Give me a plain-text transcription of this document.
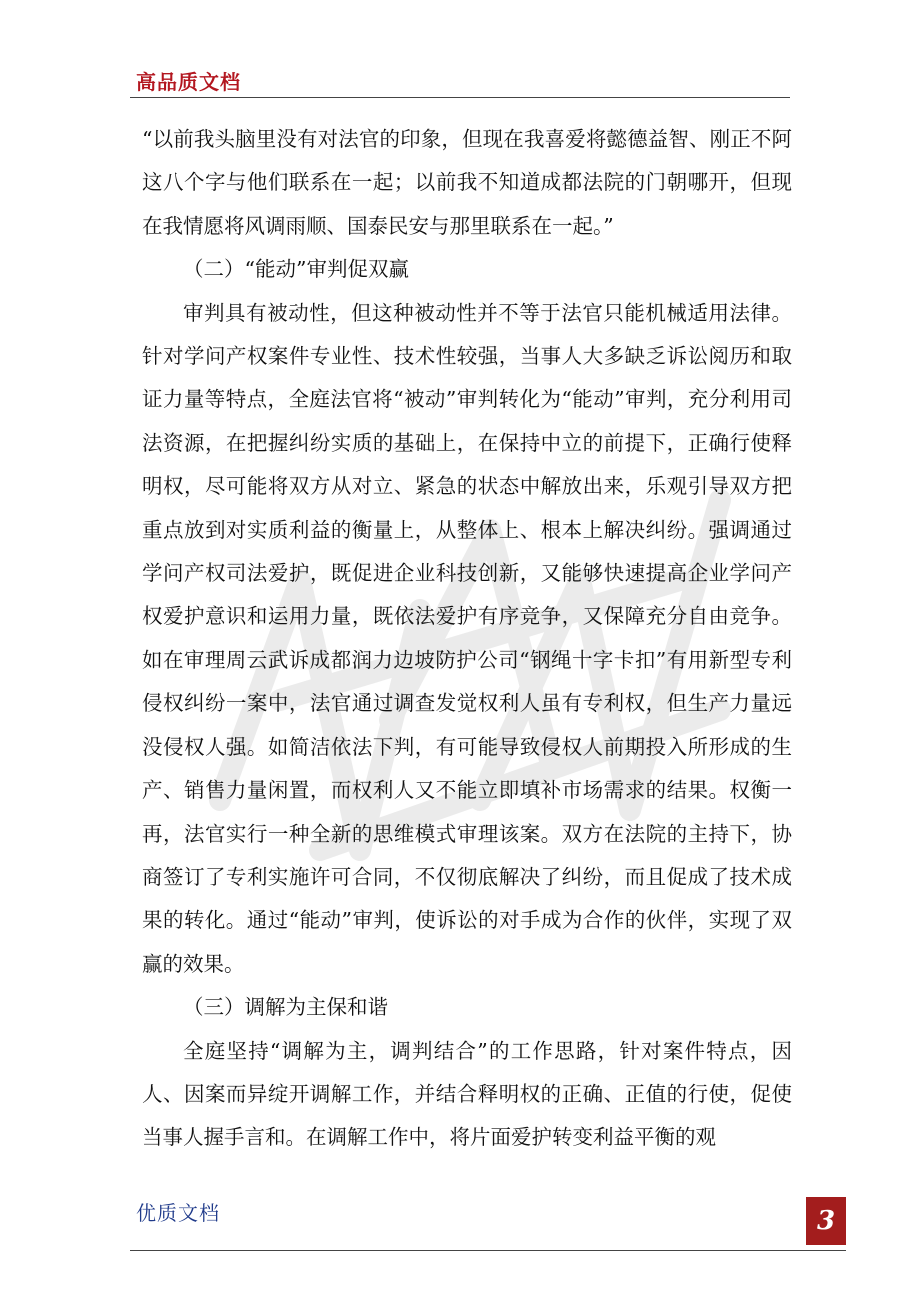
高品质文档

“以前我头脑里没有对法官的印象，但现在我喜爱将懿德益智、刚正不阿这八个字与他们联系在一起；以前我不知道成都法院的门朝哪开，但现在我情愿将风调雨顺、国泰民安与那里联系在一起。”

（二）“能动”审判促双赢

审判具有被动性，但这种被动性并不等于法官只能机械适用法律。针对学问产权案件专业性、技术性较强，当事人大多缺乏诉讼阅历和取证力量等特点，全庭法官将“被动”审判转化为“能动”审判，充分利用司法资源，在把握纠纷实质的基础上，在保持中立的前提下，正确行使释明权，尽可能将双方从对立、紧急的状态中解放出来，乐观引导双方把重点放到对实质利益的衡量上，从整体上、根本上解决纠纷。强调通过学问产权司法爱护，既促进企业科技创新，又能够快速提高企业学问产权爱护意识和运用力量，既依法爱护有序竞争，又保障充分自由竞争。如在审理周云武诉成都润力边坡防护公司“钢绳十字卡扣”有用新型专利侵权纠纷一案中，法官通过调查发觉权利人虽有专利权，但生产力量远没侵权人强。如简洁依法下判，有可能导致侵权人前期投入所形成的生产、销售力量闲置，而权利人又不能立即填补市场需求的结果。权衡一再，法官实行一种全新的思维模式审理该案。双方在法院的主持下，协商签订了专利实施许可合同，不仅彻底解决了纠纷，而且促成了技术成果的转化。通过“能动”审判，使诉讼的对手成为合作的伙伴，实现了双赢的效果。

（三）调解为主保和谐

全庭坚持“调解为主，调判结合”的工作思路，针对案件特点，因人、因案而异绽开调解工作，并结合释明权的正确、正值的行使，促使当事人握手言和。在调解工作中，将片面爱护转变利益平衡的观

优质文档	3
